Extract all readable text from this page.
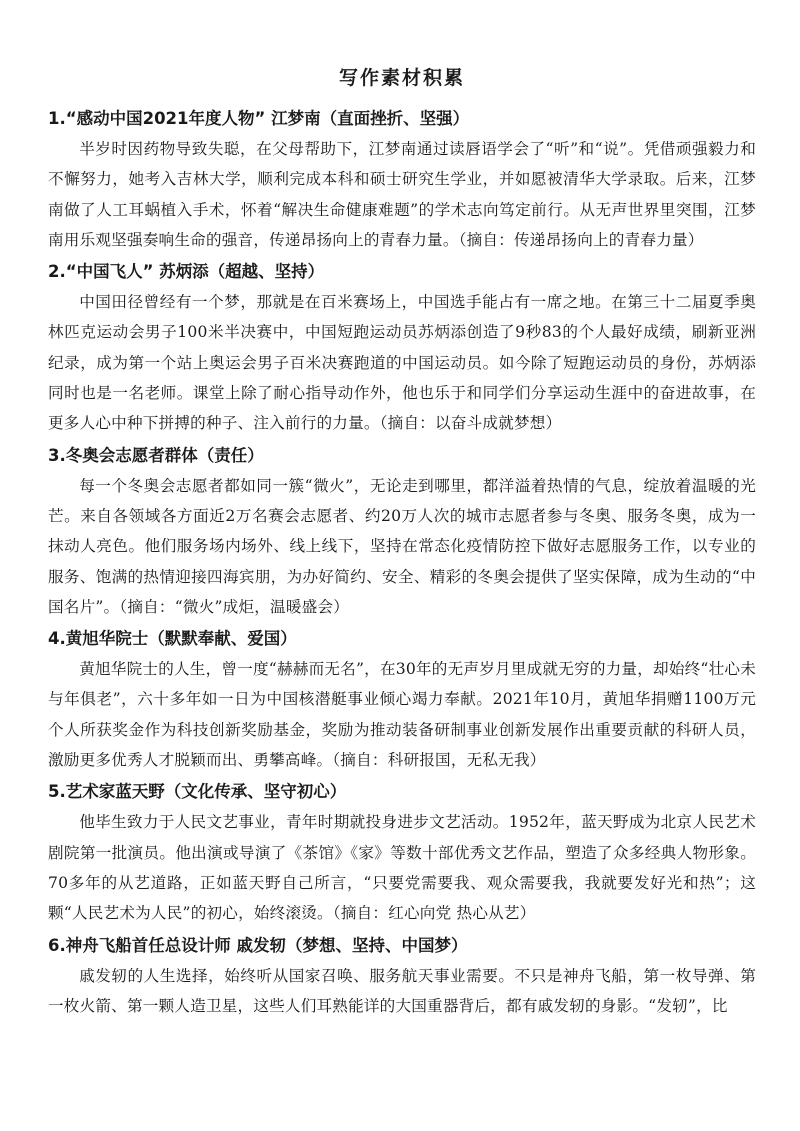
写作素材积累
1.“感动中国2021年度人物” 江梦南（直面挫折、坚强）

半岁时因药物导致失聪，在父母帮助下，江梦南通过读唇语学会了“听”和“说”。凭借顽强毅力和不懈努力，她考入吉林大学，顺利完成本科和硕士研究生学业，并如愿被清华大学录取。后来，江梦南做了人工耳蜗植入手术，怀着“解决生命健康难题”的学术志向笃定前行。从无声世界里突围，江梦南用乐观坚强奏响生命的强音，传递昂扬向上的青春力量。（摘自：传递昂扬向上的青春力量）

2.“中国飞人” 苏炳添（超越、坚持）

中国田径曾经有一个梦，那就是在百米赛场上，中国选手能占有一席之地。在第三十二届夏季奥林匹克运动会男子100米半决赛中，中国短跑运动员苏炳添创造了9秒83的个人最好成绩，刷新亚洲纪录，成为第一个站上奥运会男子百米决赛跑道的中国运动员。如今除了短跑运动员的身份，苏炳添同时也是一名老师。课堂上除了耐心指导动作外，他也乐于和同学们分享运动生涯中的奋进故事，在更多人心中种下拼搏的种子、注入前行的力量。（摘自：以奋斗成就梦想）

3.冬奥会志愿者群体（责任）

每一个冬奥会志愿者都如同一簇“微火”，无论走到哪里，都洋溢着热情的气息，绽放着温暖的光芒。来自各领域各方面近2万名赛会志愿者、约20万人次的城市志愿者参与冬奥、服务冬奥，成为一抹动人亮色。他们服务场内场外、线上线下，坚持在常态化疫情防控下做好志愿服务工作，以专业的服务、饱满的热情迎接四海宾朋，为办好简约、安全、精彩的冬奥会提供了坚实保障，成为生动的“中国名片”。（摘自：“微火”成炬，温暖盛会）

4.黄旭华院士（默默奉献、爱国）

黄旭华院士的人生，曾一度“赫赫而无名”，在30年的无声岁月里成就无穷的力量，却始终“壮心未与年俱老”，六十多年如一日为中国核潜艇事业倾心竭力奉献。2021年10月，黄旭华捐赠1100万元个人所获奖金作为科技创新奖励基金，奖励为推动装备研制事业创新发展作出重要贡献的科研人员，激励更多优秀人才脱颖而出、勇攀高峰。（摘自：科研报国，无私无我）

5.艺术家蓝天野（文化传承、坚守初心）

他毕生致力于人民文艺事业，青年时期就投身进步文艺活动。1952年，蓝天野成为北京人民艺术剧院第一批演员。他出演或导演了《茶馆》《家》等数十部优秀文艺作品，塑造了众多经典人物形象。70多年的从艺道路，正如蓝天野自己所言，“只要党需要我、观众需要我，我就要发好光和热”；这颗“人民艺术为人民”的初心，始终滚烫。（摘自：红心向党 热心从艺）

6.神舟飞船首任总设计师 戚发轫（梦想、坚持、中国梦）

戚发轫的人生选择，始终听从国家召唤、服务航天事业需要。不只是神舟飞船，第一枚导弹、第一枚火箭、第一颗人造卫星，这些人们耳熟能详的大国重器背后，都有戚发轫的身影。“发轫”，比
